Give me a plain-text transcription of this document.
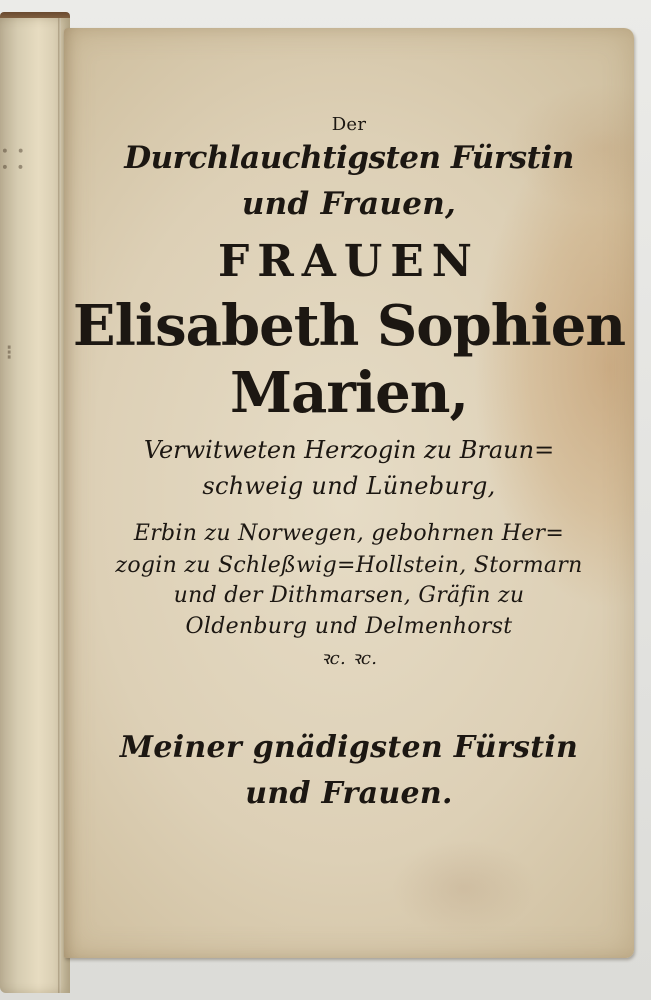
⸬
⁝
Der
Durchlauchtigsten Fürstin
und Frauen,
FRAUEN
Elisabeth Sophien
Marien,
Verwitweten Herzogin zu Braun=
schweig und Lüneburg,
Erbin zu Norwegen, gebohrnen Her=
zogin zu Schleßwig=Hollstein, Stormarn
und der Dithmarsen, Gräfin zu
Oldenburg und Delmenhorst
ꝛc. ꝛc.
Meiner gnädigsten Fürstin
und Frauen.
